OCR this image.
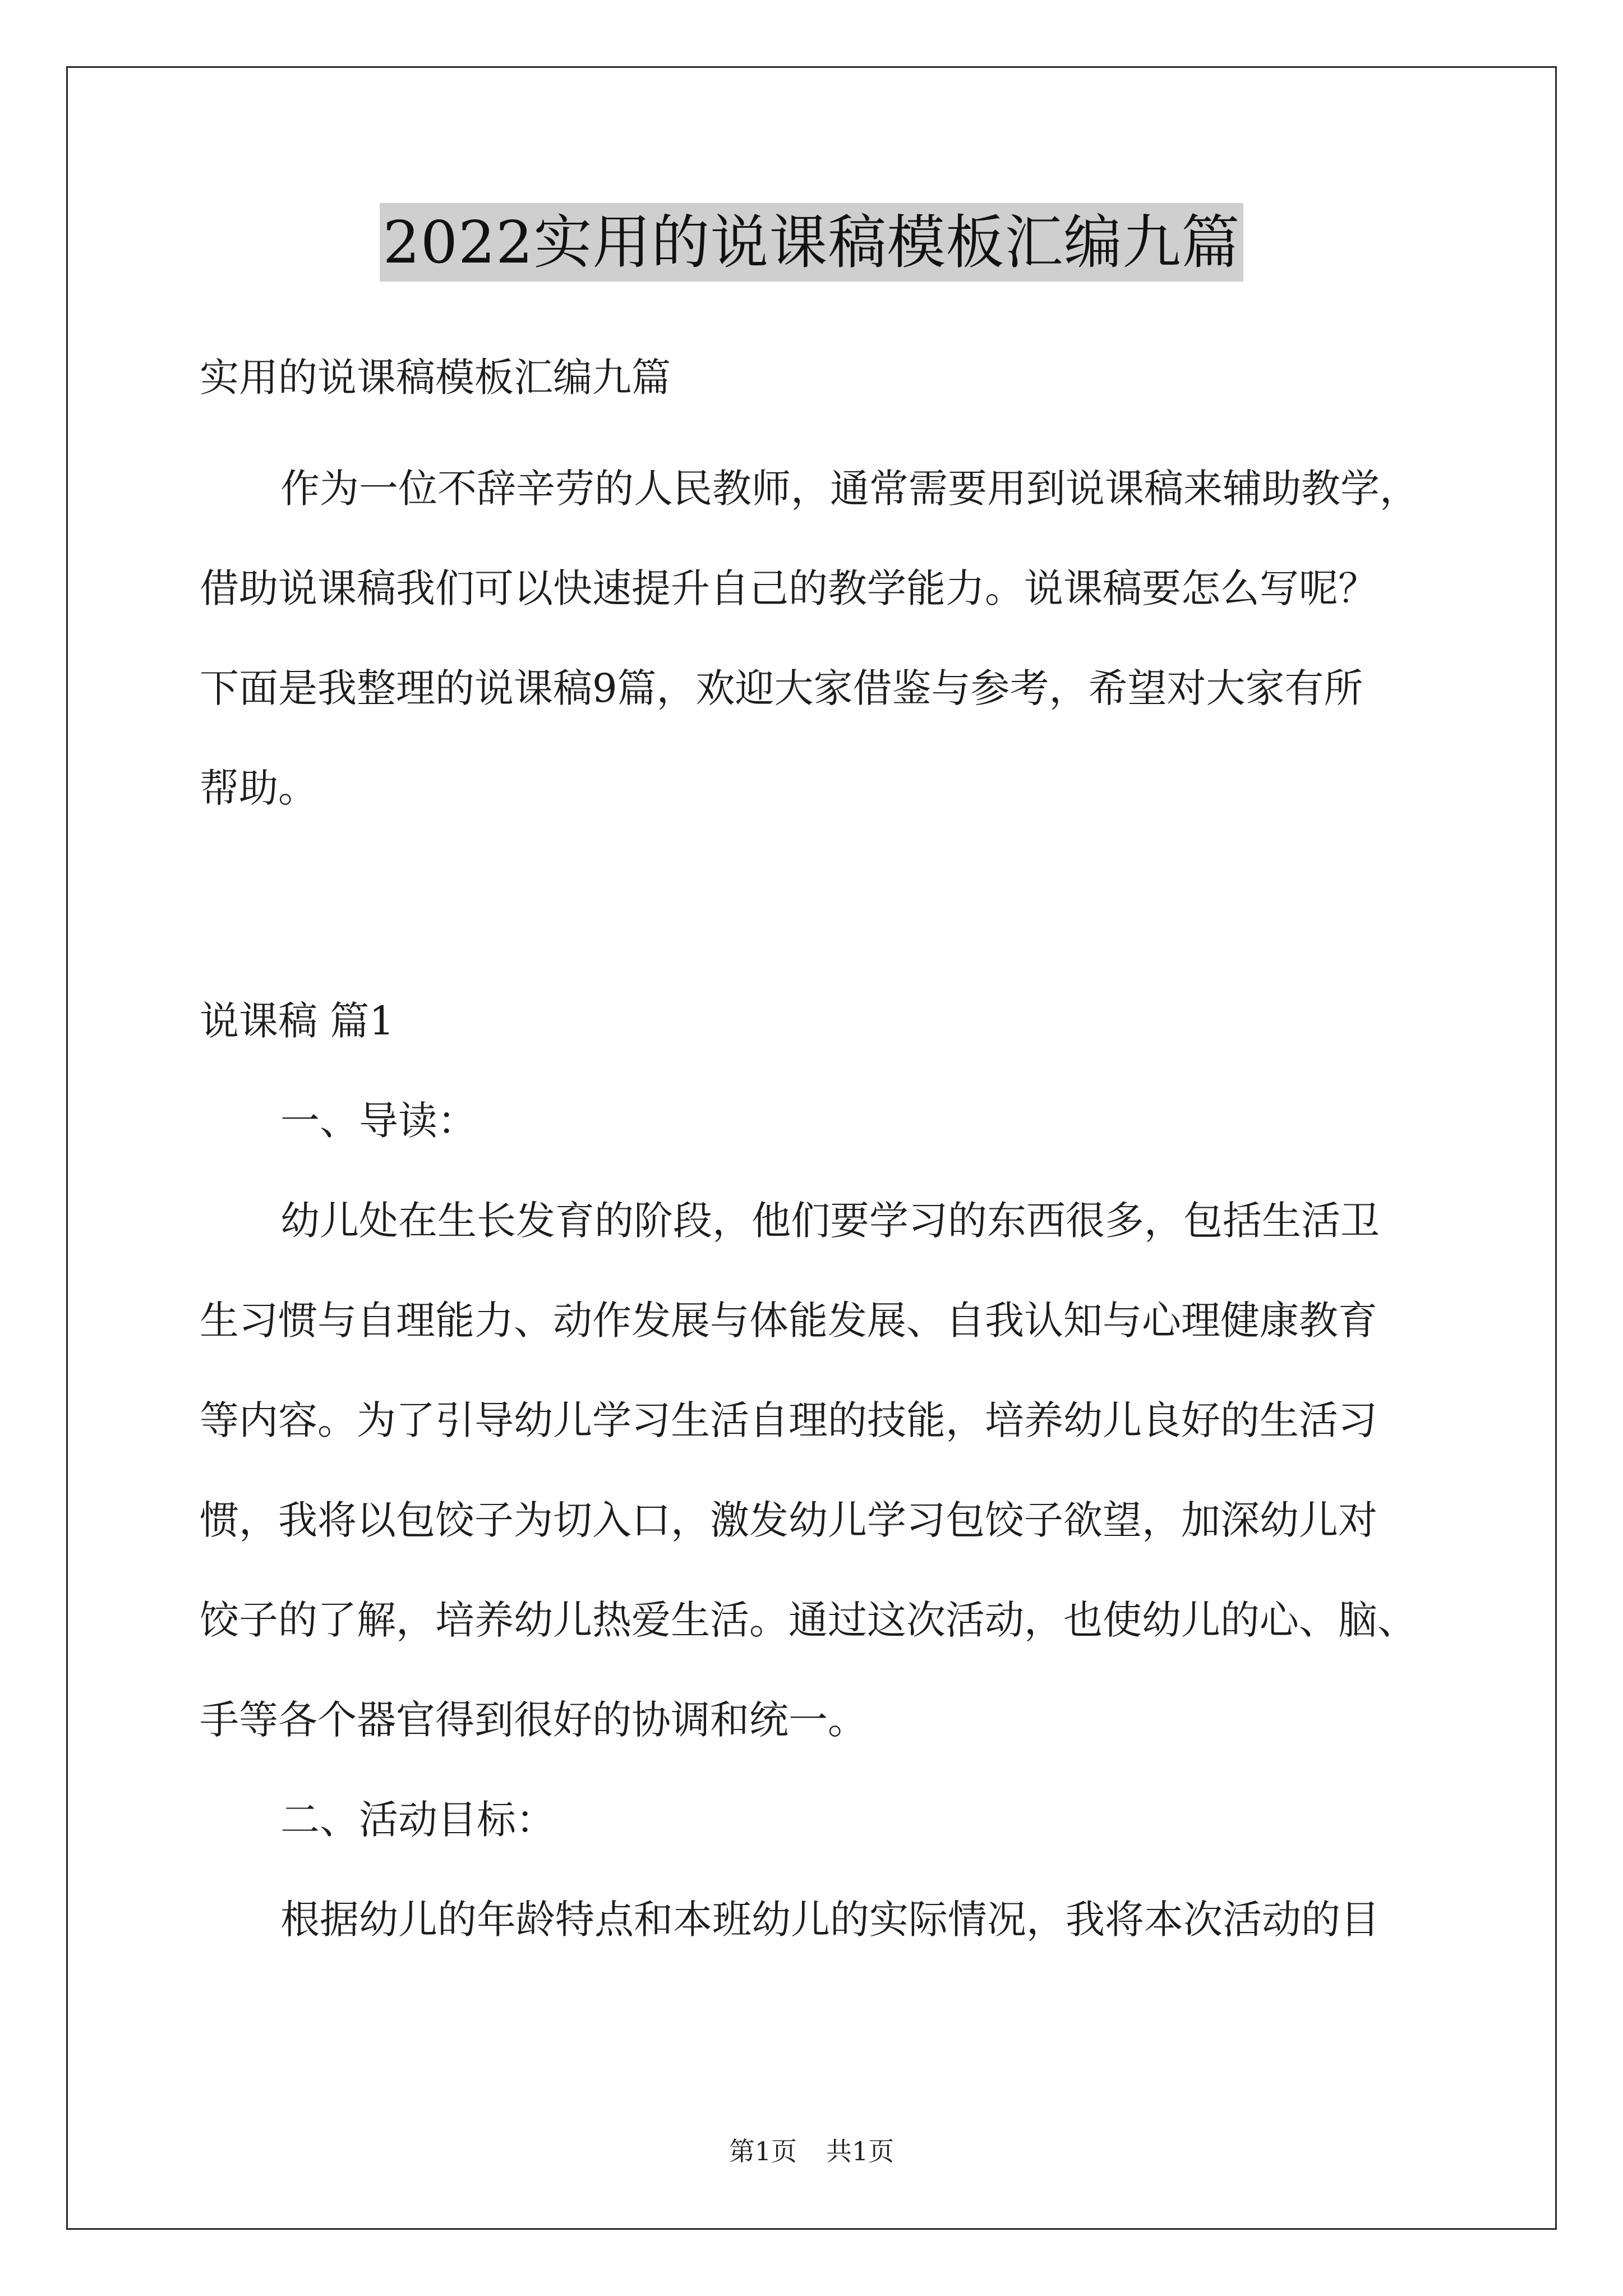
2022实用的说课稿模板汇编九篇
实用的说课稿模板汇编九篇
作为一位不辞辛劳的人民教师，通常需要用到说课稿来辅助教学，
借助说课稿我们可以快速提升自己的教学能力。说课稿要怎么写呢？
下面是我整理的说课稿9篇，欢迎大家借鉴与参考，希望对大家有所
帮助。
说课稿 篇1
一、导读：
幼儿处在生长发育的阶段，他们要学习的东西很多，包括生活卫
生习惯与自理能力、动作发展与体能发展、自我认知与心理健康教育
等内容。为了引导幼儿学习生活自理的技能，培养幼儿良好的生活习
惯，我将以包饺子为切入口，激发幼儿学习包饺子欲望，加深幼儿对
饺子的了解，培养幼儿热爱生活。通过这次活动，也使幼儿的心、脑、
手等各个器官得到很好的协调和统一。
二、活动目标：
根据幼儿的年龄特点和本班幼儿的实际情况，我将本次活动的目
第1页 共1页
